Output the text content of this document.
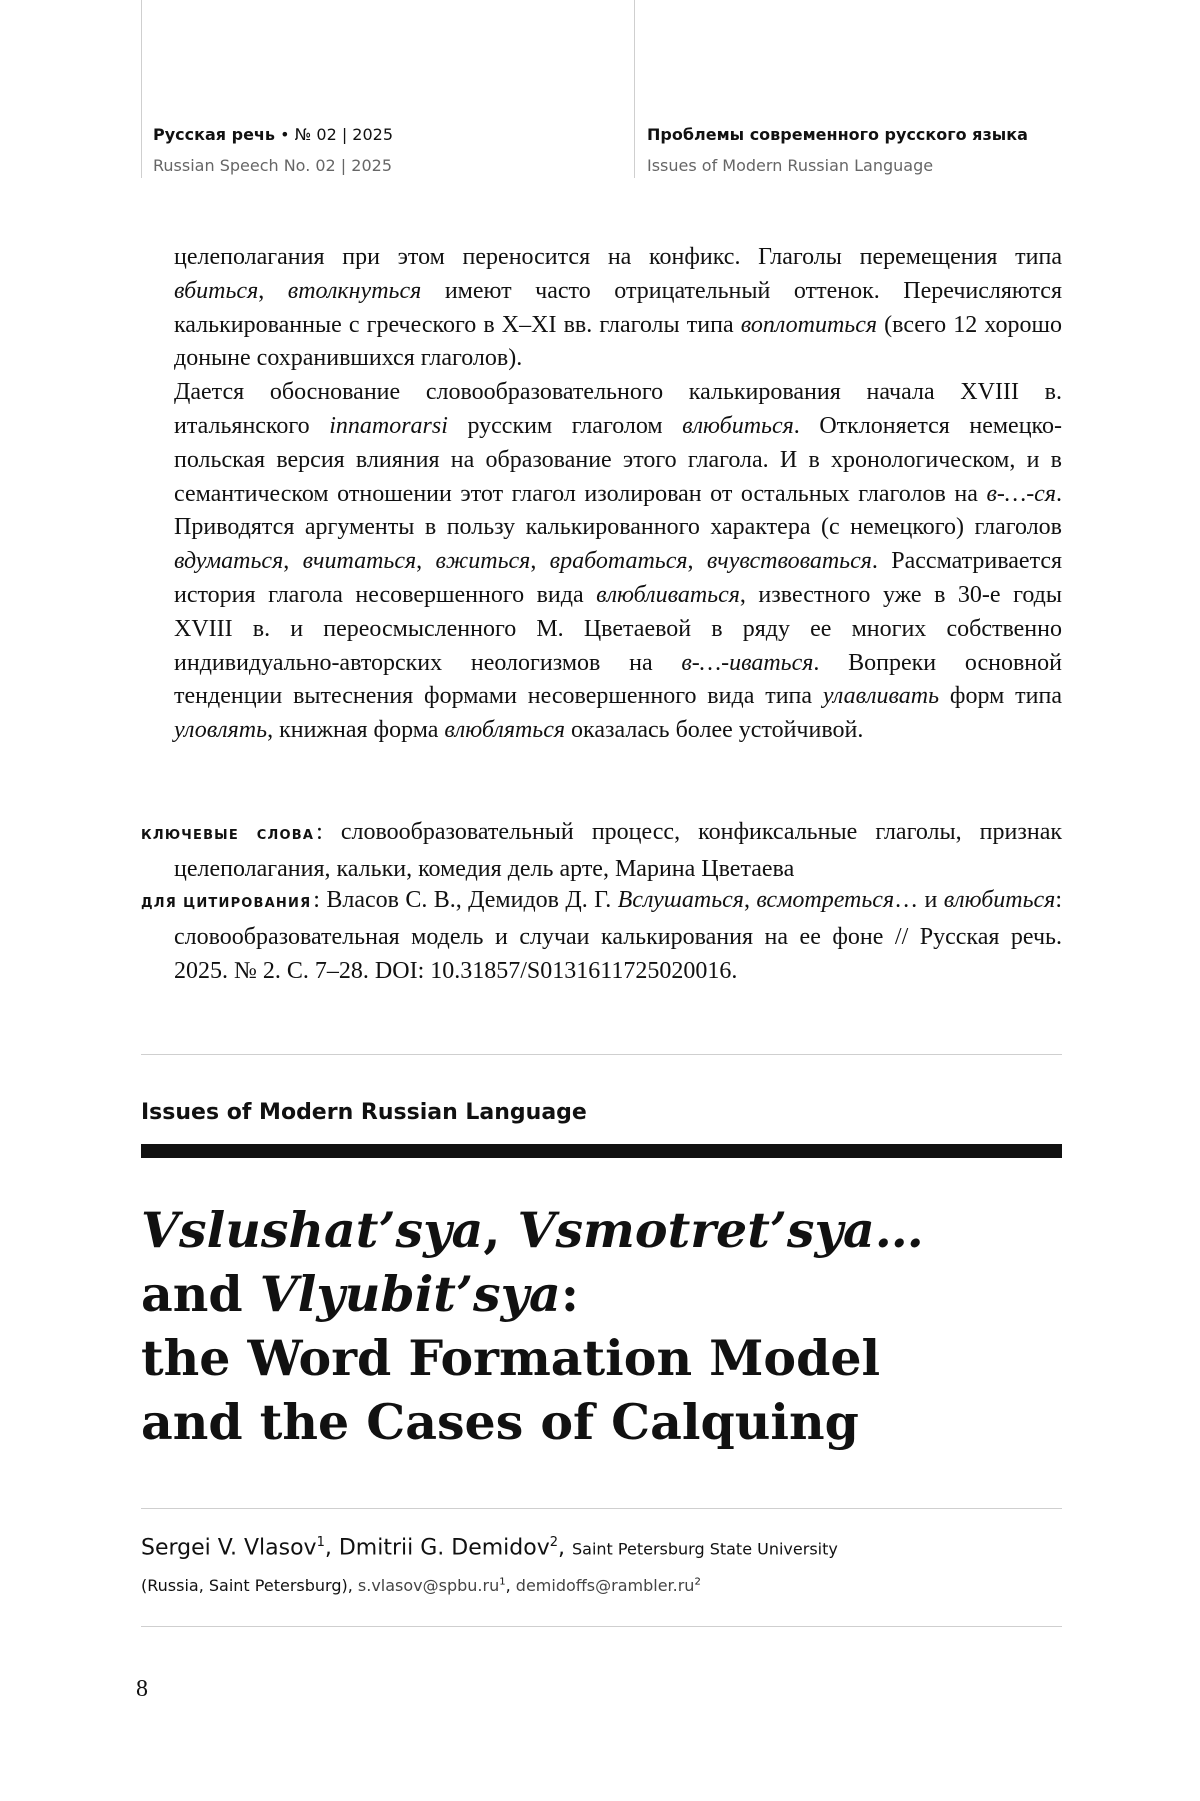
Русская речь • № 02 | 2025
Russian Speech No. 02 | 2025
Проблемы современного русского языка
Issues of Modern Russian Language

целеполагания при этом переносится на конфикс. Глаголы перемещения типа вбиться, втолкнуться имеют часто отрицательный оттенок. Перечисляются калькированные с греческого в X–XI вв. глаголы типа воплотиться (всего 12 хорошо доныне сохранившихся глаголов).

Дается обоснование словообразовательного калькирования начала XVIII в. итальянского innamorarsi русским глаголом влюбиться. Отклоняется немецко-польская версия влияния на образование этого глагола. И в хронологическом, и в семантическом отношении этот глагол изолирован от остальных глаголов на в-…-ся. Приводятся аргументы в пользу калькированного характера (с немецкого) глаголов вдуматься, вчитаться, вжиться, вработаться, вчувствоваться. Рассматривается история глагола несовершенного вида влюбливаться, известного уже в 30-е годы XVIII в. и переосмысленного М. Цветаевой в ряду ее многих собственно индивидуально-авторских неологизмов на в-…-иваться. Вопреки основной тенденции вытеснения формами несовершенного вида типа улавливать форм типа уловлять, книжная форма влюбляться оказалась более устойчивой.

КЛЮЧЕВЫЕ СЛОВА: словообразовательный процесс, конфиксальные глаголы, признак целеполагания, кальки, комедия дель арте, Марина Цветаева
ДЛЯ ЦИТИРОВАНИЯ: Власов С. В., Демидов Д. Г. Вслушаться, всмотреться… и влюбиться: словообразовательная модель и случаи калькирования на ее фоне // Русская речь. 2025. № 2. С. 7–28. DOI: 10.31857/S0131611725020016.
Issues of Modern Russian Language
Vslushat’sya, Vsmotret’sya…
and Vlyubit’sya:
the Word Formation Model
and the Cases of Calquing
Sergei V. Vlasov$^1$, Dmitrii G. Demidov$^2$, Saint Petersburg State University
(Russia, Saint Petersburg), $s.vlasov@spbu.ru^1$, $demidoffs@rambler.ru^2$
8
